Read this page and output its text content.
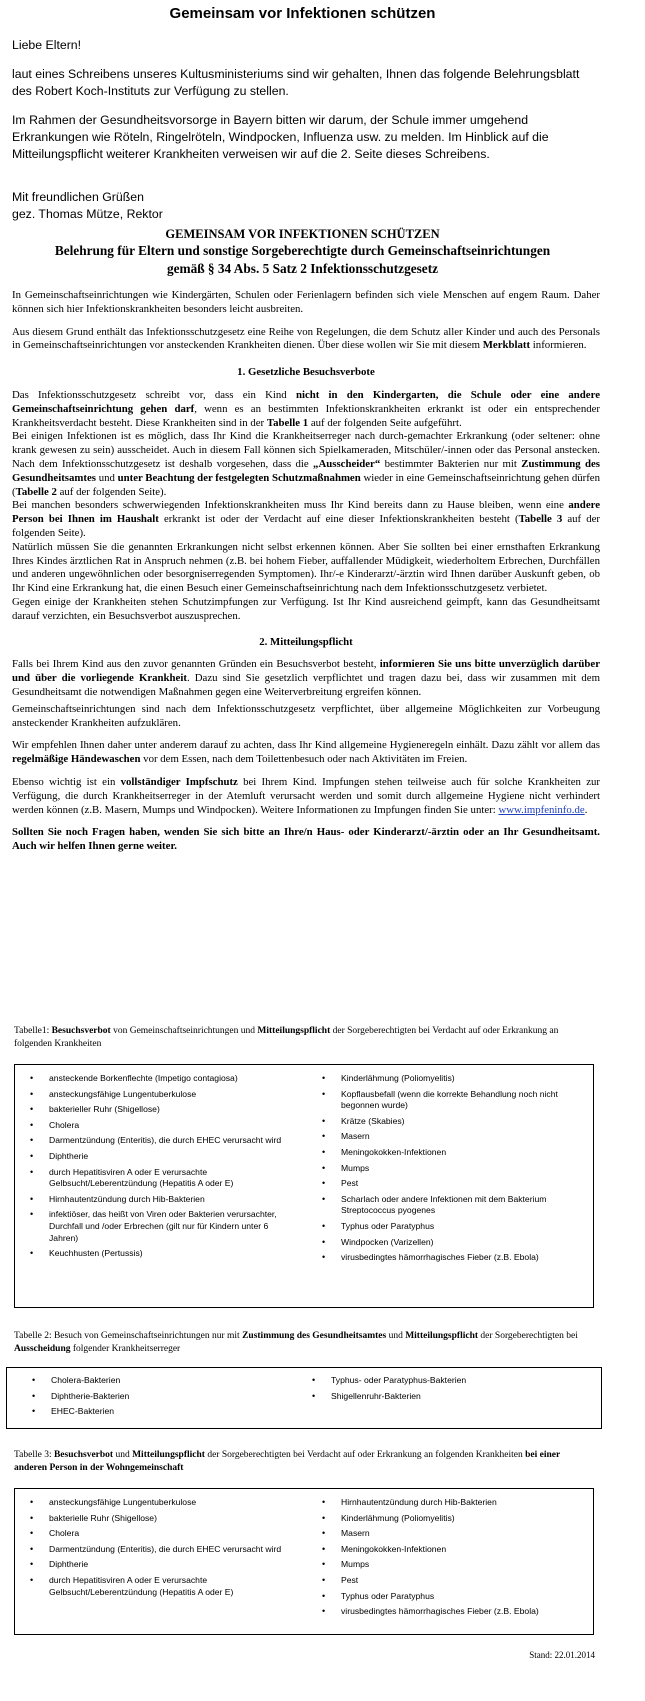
Gemeinsam vor Infektionen schützen

Liebe Eltern!

laut eines Schreibens unseres Kultusministeriums sind wir gehalten, Ihnen das folgende Belehrungsblatt des Robert Koch-Instituts zur Verfügung zu stellen.

Im Rahmen der Gesundheitsvorsorge in Bayern bitten wir darum, der Schule immer umgehend Erkrankungen wie Röteln, Ringelröteln, Windpocken, Influenza usw. zu melden. Im Hinblick auf die Mitteilungspflicht weiterer Krankheiten verweisen wir auf die 2. Seite dieses Schreibens.

Mit freundlichen Grüßen

gez. Thomas Mütze, Rektor

GEMEINSAM VOR INFEKTIONEN SCHÜTZEN
Belehrung für Eltern und sonstige Sorgeberechtigte durch Gemeinschaftseinrichtungen
gemäß § 34 Abs. 5 Satz 2 Infektionsschutzgesetz

In Gemeinschaftseinrichtungen wie Kindergärten, Schulen oder Ferienlagern befinden sich viele Menschen auf engem Raum. Daher können sich hier Infektionskrankheiten besonders leicht ausbreiten.

Aus diesem Grund enthält das Infektionsschutzgesetz eine Reihe von Regelungen, die dem Schutz aller Kinder und auch des Personals in Gemeinschaftseinrichtungen vor ansteckenden Krankheiten dienen. Über diese wollen wir Sie mit diesem Merkblatt informieren.

1. Gesetzliche Besuchsverbote

Das Infektionsschutzgesetz schreibt vor, dass ein Kind nicht in den Kindergarten, die Schule oder eine andere Gemeinschaftseinrichtung gehen darf, wenn es an bestimmten Infektionskrankheiten erkrankt ist oder ein entsprechender Krankheitsverdacht besteht. Diese Krankheiten sind in der Tabelle 1 auf der folgenden Seite aufgeführt.
Bei einigen Infektionen ist es möglich, dass Ihr Kind die Krankheitserreger nach durch-gemachter Erkrankung (oder seltener: ohne krank gewesen zu sein) ausscheidet. Auch in diesem Fall können sich Spielkameraden, Mitschüler/-innen oder das Personal anstecken. Nach dem Infektionsschutzgesetz ist deshalb vorgesehen, dass die „Ausscheider“ bestimmter Bakterien nur mit Zustimmung des Gesundheitsamtes und unter Beachtung der festgelegten Schutzmaßnahmen wieder in eine Gemeinschaftseinrichtung gehen dürfen (Tabelle 2 auf der folgenden Seite).
Bei manchen besonders schwerwiegenden Infektionskrankheiten muss Ihr Kind bereits dann zu Hause bleiben, wenn eine andere Person bei Ihnen im Haushalt erkrankt ist oder der Verdacht auf eine dieser Infektionskrankheiten besteht (Tabelle 3 auf der folgenden Seite).
Natürlich müssen Sie die genannten Erkrankungen nicht selbst erkennen können. Aber Sie sollten bei einer ernsthaften Erkrankung Ihres Kindes ärztlichen Rat in Anspruch nehmen (z.B. bei hohem Fieber, auffallender Müdigkeit, wiederholtem Erbrechen, Durchfällen und anderen ungewöhnlichen oder besorgniserregenden Symptomen). Ihr/-e Kinderarzt/-ärztin wird Ihnen darüber Auskunft geben, ob Ihr Kind eine Erkrankung hat, die einen Besuch einer Gemeinschaftseinrichtung nach dem Infektionsschutzgesetz verbietet.
Gegen einige der Krankheiten stehen Schutzimpfungen zur Verfügung. Ist Ihr Kind ausreichend geimpft, kann das Gesundheitsamt darauf verzichten, ein Besuchsverbot auszusprechen.

2. Mitteilungspflicht

Falls bei Ihrem Kind aus den zuvor genannten Gründen ein Besuchsverbot besteht, informieren Sie uns bitte unverzüglich darüber und über die vorliegende Krankheit. Dazu sind Sie gesetzlich verpflichtet und tragen dazu bei, dass wir zusammen mit dem Gesundheitsamt die notwendigen Maßnahmen gegen eine Weiterverbreitung ergreifen können.

Gemeinschaftseinrichtungen sind nach dem Infektionsschutzgesetz verpflichtet, über allgemeine Möglichkeiten zur Vorbeugung ansteckender Krankheiten aufzuklären.

Wir empfehlen Ihnen daher unter anderem darauf zu achten, dass Ihr Kind allgemeine Hygieneregeln einhält. Dazu zählt vor allem das regelmäßige Händewaschen vor dem Essen, nach dem Toilettenbesuch oder nach Aktivitäten im Freien.

Ebenso wichtig ist ein vollständiger Impfschutz bei Ihrem Kind. Impfungen stehen teilweise auch für solche Krankheiten zur Verfügung, die durch Krankheitserreger in der Atemluft verursacht werden und somit durch allgemeine Hygiene nicht verhindert werden können (z.B. Masern, Mumps und Windpocken). Weitere Informationen zu Impfungen finden Sie unter: www.impfeninfo.de.

Sollten Sie noch Fragen haben, wenden Sie sich bitte an Ihre/n Haus- oder Kinderarzt/-ärztin oder an Ihr Gesundheitsamt. Auch wir helfen Ihnen gerne weiter.

Tabelle1: Besuchsverbot von Gemeinschaftseinrichtungen und Mitteilungspflicht der Sorgeberechtigten bei Verdacht auf oder Erkrankung an folgenden Krankheiten
• ansteckende Borkenflechte (Impetigo contagiosa)
• ansteckungsfähige Lungentuberkulose
• bakterieller Ruhr (Shigellose)
• Cholera
• Darmentzündung (Enteritis), die durch EHEC verursacht wird
• Diphtherie
• durch Hepatitisviren A oder E verursachte Gelbsucht/Leberentzündung (Hepatitis A oder E)
• Hirnhautentzündung durch Hib-Bakterien
• infektiöser, das heißt von Viren oder Bakterien verursachter, Durchfall und /oder Erbrechen (gilt nur für Kindern unter 6 Jahren)
• Keuchhusten (Pertussis)
• Kinderlähmung (Poliomyelitis)
• Kopflausbefall (wenn die korrekte Behandlung noch nicht begonnen wurde)
• Krätze (Skabies)
• Masern
• Meningokokken-Infektionen
• Mumps
• Pest
• Scharlach oder andere Infektionen mit dem Bakterium Streptococcus pyogenes
• Typhus oder Paratyphus
• Windpocken (Varizellen)
• virusbedingtes hämorrhagisches Fieber (z.B. Ebola)
Tabelle 2: Besuch von Gemeinschaftseinrichtungen nur mit Zustimmung des Gesundheitsamtes und Mitteilungspflicht der Sorgeberechtigten bei Ausscheidung folgender Krankheitserreger
• Cholera-Bakterien
• Diphtherie-Bakterien
• EHEC-Bakterien
• Typhus- oder Paratyphus-Bakterien
• Shigellenruhr-Bakterien
Tabelle 3: Besuchsverbot und Mitteilungspflicht der Sorgeberechtigten bei Verdacht auf oder Erkrankung an folgenden Krankheiten bei einer anderen Person in der Wohngemeinschaft
• ansteckungsfähige Lungentuberkulose
• bakterielle Ruhr (Shigellose)
• Cholera
• Darmentzündung (Enteritis), die durch EHEC verursacht wird
• Diphtherie
• durch Hepatitisviren A oder E verursachte Gelbsucht/Leberentzündung (Hepatitis A oder E)
• Hirnhautentzündung durch Hib-Bakterien
• Kinderlähmung (Poliomyelitis)
• Masern
• Meningokokken-Infektionen
• Mumps
• Pest
• Typhus oder Paratyphus
• virusbedingtes hämorrhagisches Fieber (z.B. Ebola)
Stand: 22.01.2014
